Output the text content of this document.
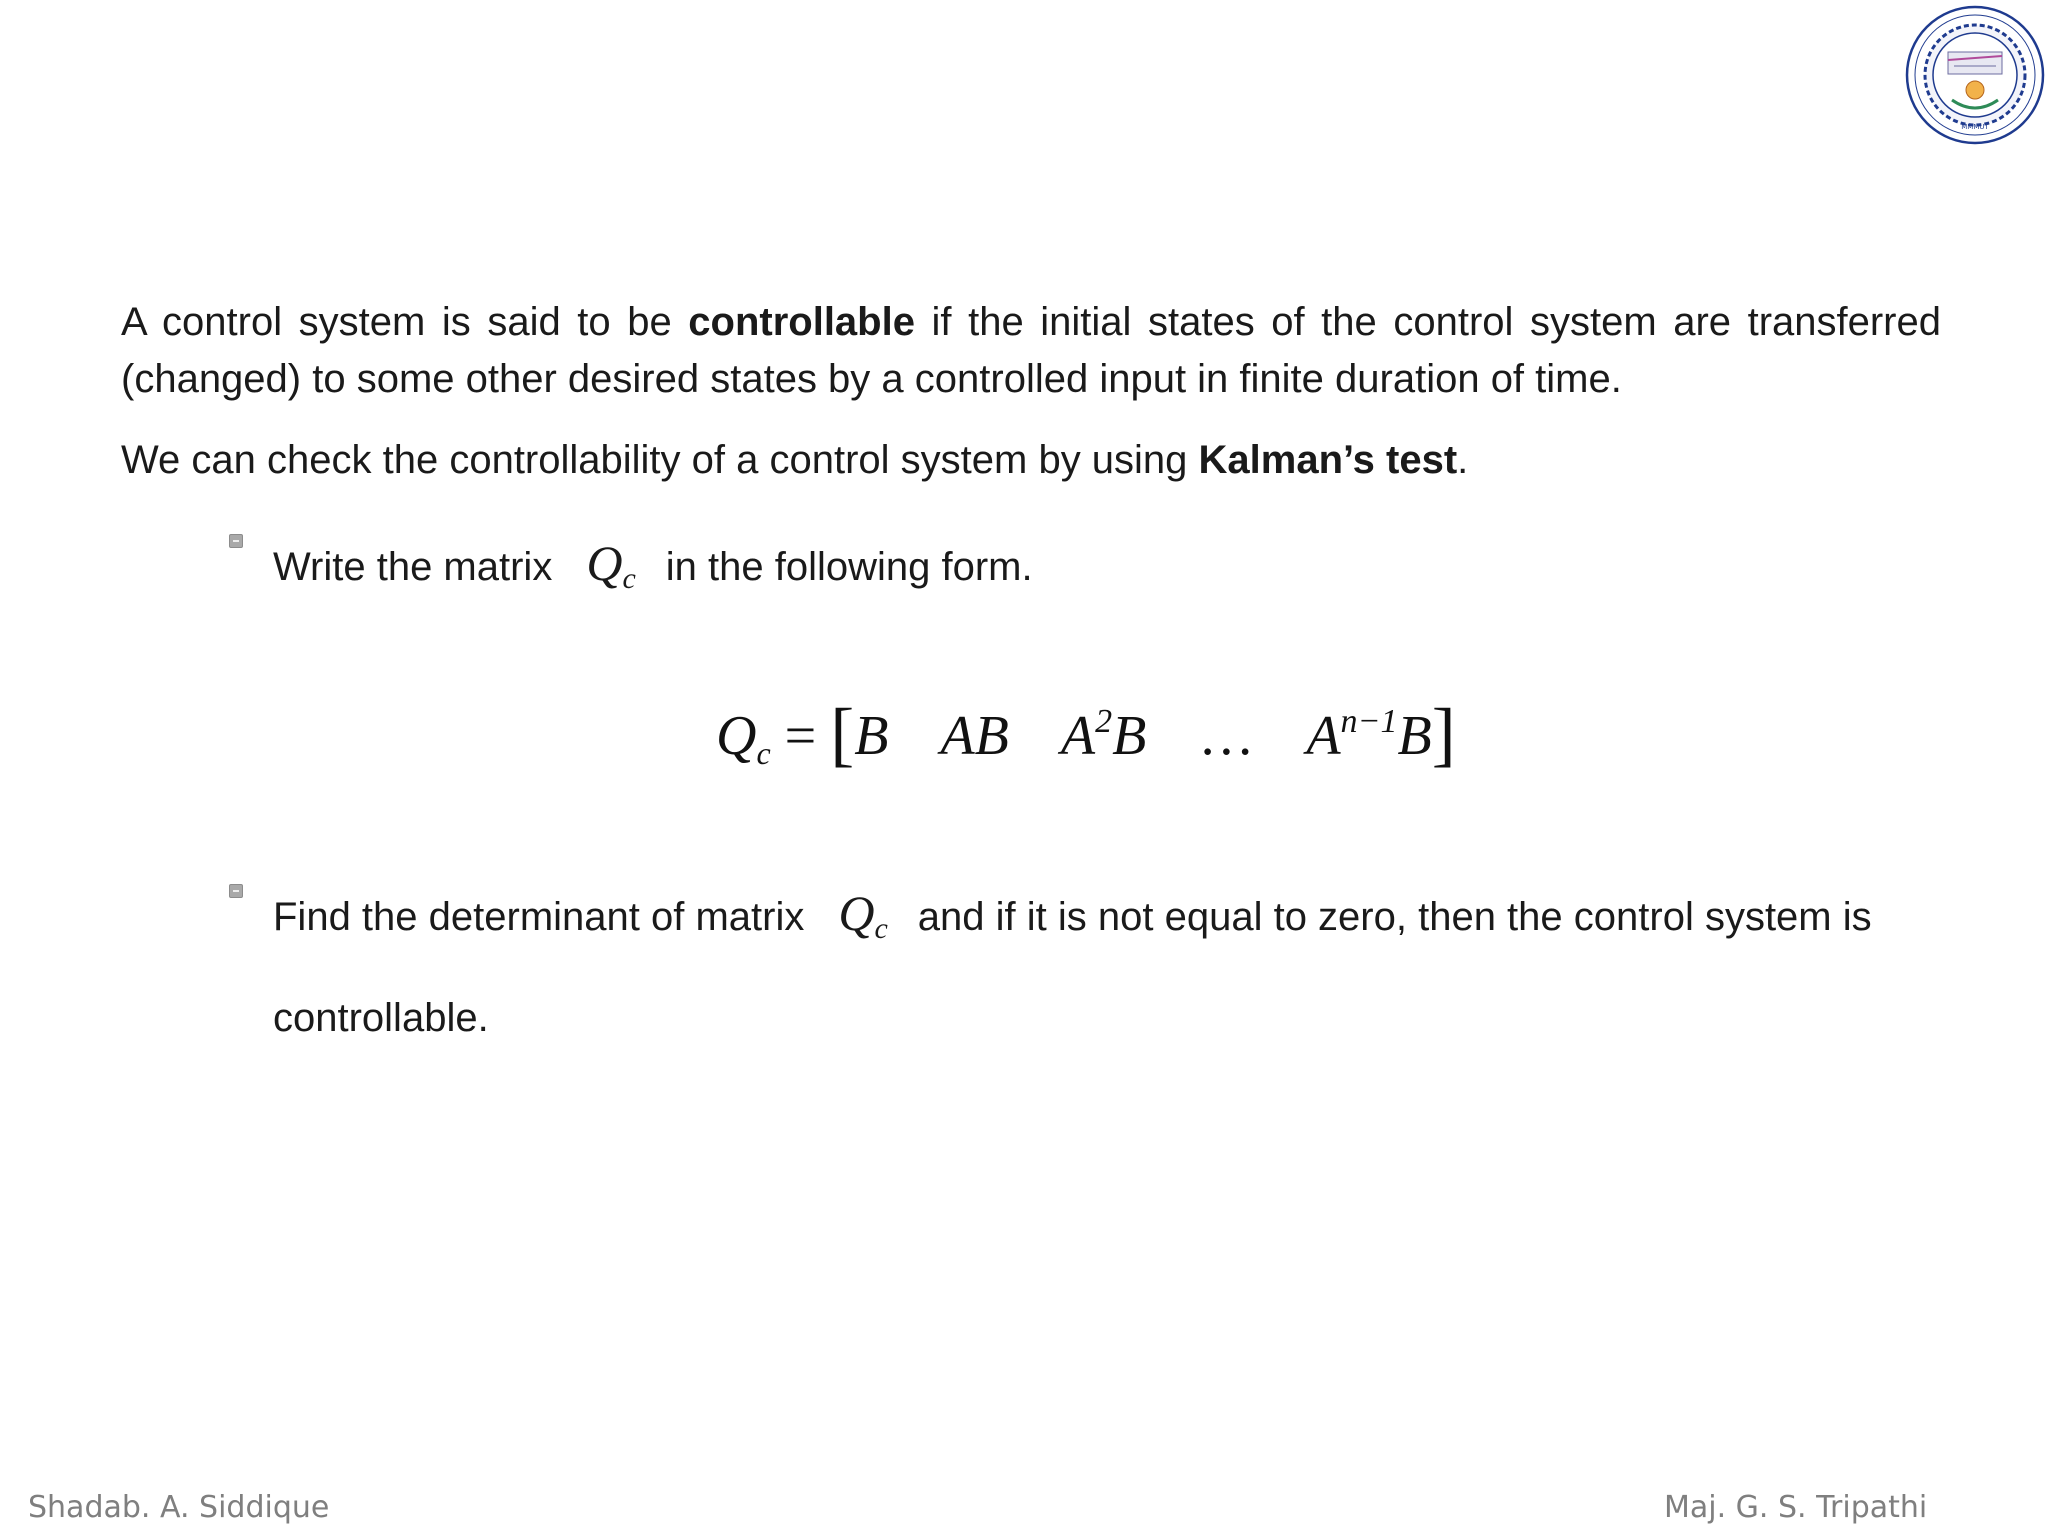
MMMUT

A control system is said to be controllable if the initial states of the control system are transferred
(changed) to some other desired states by a controlled input in finite duration of time.

We can check the controllability of a control system by using Kalman’s test.

Write the matrix $Q_c$ in the following form.

$Q_c = [B$ AB $A^2B$ … $A^{n-1}B$]

Find the determinant of matrix $Q_c$ and if it is not equal to zero, then the control system is

controllable.

Shadab. A. Siddique	Maj. G. S. Tripathi
